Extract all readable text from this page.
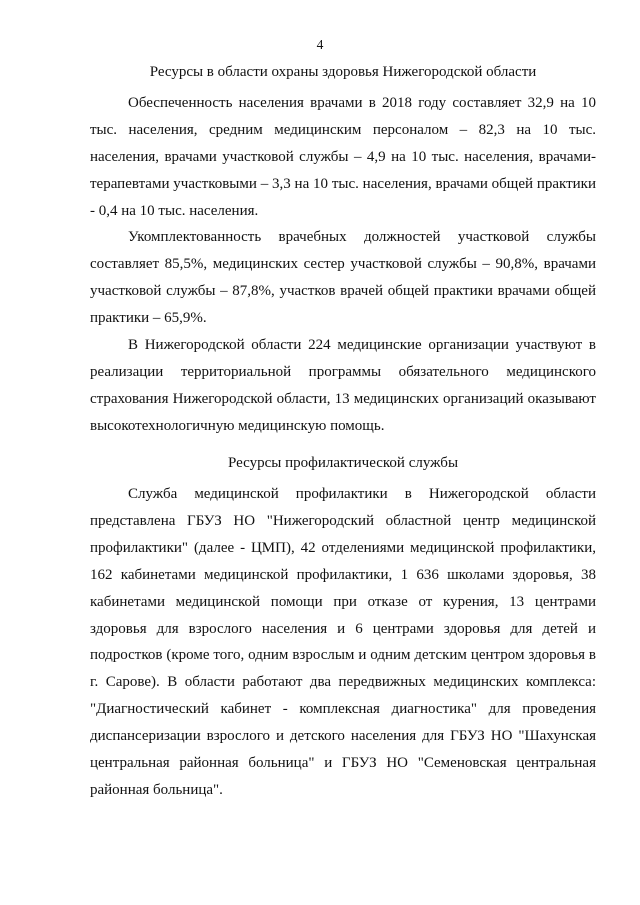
4
Ресурсы в области охраны здоровья Нижегородской области
Обеспеченность населения врачами в 2018 году составляет 32,9 на 10 тыс. населения, средним медицинским персоналом – 82,3 на 10 тыс. населения, врачами участковой службы – 4,9 на 10 тыс. населения, врачами-терапевтами участковыми – 3,3 на 10 тыс. населения, врачами общей практики - 0,4 на 10 тыс. населения.
Укомплектованность врачебных должностей участковой службы составляет 85,5%, медицинских сестер участковой службы – 90,8%, врачами участковой службы – 87,8%, участков врачей общей практики врачами общей практики – 65,9%.
В Нижегородской области 224 медицинские организации участвуют в реализации территориальной программы обязательного медицинского страхования Нижегородской области, 13 медицинских организаций оказывают высокотехнологичную медицинскую помощь.
Ресурсы профилактической службы
Служба медицинской профилактики в Нижегородской области представлена ГБУЗ НО "Нижегородский областной центр медицинской профилактики" (далее - ЦМП), 42 отделениями медицинской профилактики, 162 кабинетами медицинской профилактики, 1 636 школами здоровья, 38 кабинетами медицинской помощи при отказе от курения, 13 центрами здоровья для взрослого населения и 6 центрами здоровья для детей и подростков (кроме того, одним взрослым и одним детским центром здоровья в г. Сарове). В области работают два передвижных медицинских комплекса: "Диагностический кабинет - комплексная диагностика" для проведения диспансеризации взрослого и детского населения для ГБУЗ НО "Шахунская центральная районная больница" и ГБУЗ НО "Семеновская центральная районная больница".
